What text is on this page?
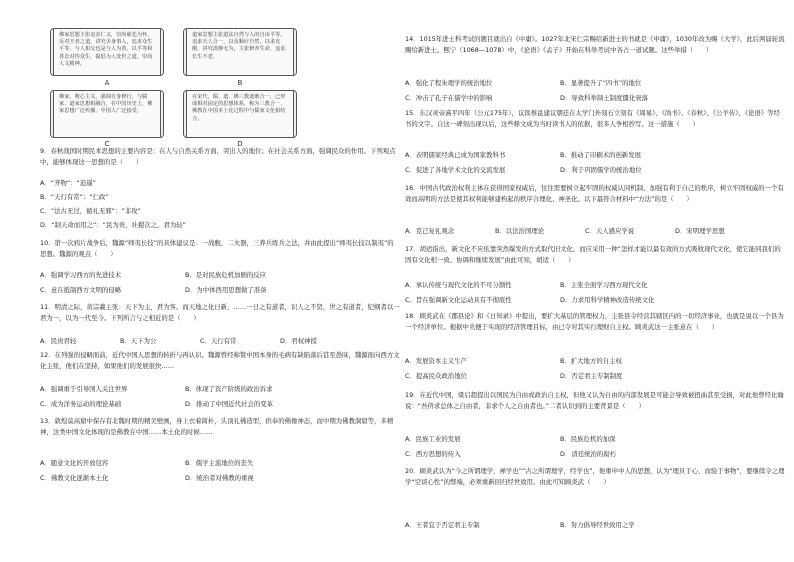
佛家思想主张追求仁义，崇尚慈悲为怀，反对王者之道，讲究舍身事人，追求众生平等，与人相交也是与人为善，以平等和善念对待众生，提倡为人处世之道，崇尚人文精神。
A
道家思想主张道法自然与人的自由平等，追求天人合一，以及顺应自然，以柔克刚，讲究清静无为，主张修养生命，追求长生不老。
B
佛家，唯心主义，强调自身修行，与儒家、道家思想相融合，在中国历史上，佛家思想广泛传播，中国人广泛接受。
C
在宋代，儒、道、佛三教逐渐合一，已形成相对固定的思想体系，称为三教合一，佛教在中国本土化过程中与儒家文化相结合。
D
9．春秋战国时期民本思想的主要内容是：在人与自然关系方面，突出人的地位；在社会关系方面，强调民众的作用。下列观点中，能够体现这一思想的是（　　）
A．“齐物”：“逍遥”
B．“天行有常”：“仁政”
C．“法古无过，循礼无邪”：“非攻”
D．“制天命而用之”：“民为贵，社稷次之，君为轻”
10．第一次鸦片战争后，魏源“师夷长技”的具体建议是：一战舰，二火器，三养兵练兵之法，并由此提出“师夷长技以制夷”的思想。魏源的观点（　　）
A．强调学习西方的先进技术	B．是对民族危机加剧的反应
C．意在抵制西方文明的侵略	D．为中体西用思想做了准备
11．明清之际，黄宗羲主张：天下为主，君为客。而天地之化日新，……一日之有道者，识人之不贤，世之有道者，纪纲者以一君为一，以为一代至今。下列所言与之相近的是（　　）
A．民贵君轻	B．天下为公	C．天行有常	D．君权神授
12．在列强的侵略面前，近代中国人思想的转折与再认识。魏源曾经称赞中国本身的毛病有缺陷落后甚至愚昧，魏源面向西方文化主张，他们在坚持，如果他们的发展很快……
A．强调重于引导国人关注世界	B．体现了资产阶级的政治诉求
C．成为洋务运动的理论基础	D．推动了中国近代社会的变革
13．敦煌莫高窟中保存有北魏时期的精美壁画，身上衣着简朴，头顶礼佛造型，供奉的佛像神态，而中期为佛教洞窟等，多精神，这类中国文化体现的是佛教在中国……本土化的时候……
A．随意文化的开放包容	B．儒学主流地位的丧失
C．佛教文化逐渐本土化	D．统治者对佛教的重视
14．1015年进士科考试的题目就出自《中庸》。1027年北宋仁宗赐给新进士的书就是《中庸》，1030年改为赐《大学》，此后两届轮流赐给新进士。熙宁（1068—1078）中，《论语》《孟子》开始在科举考试中各占一道试题。这些举措（　　）
A．强化了程朱理学的统治地位	B．显著提升了“四书”的地位
C．冲击了孔子在儒学中的影响	D．导致科举制士制度僵化衰落
15．东汉灵帝熹平四年（公元175年），议郎蔡邕建议朝廷在太学门外刻石立刻有《周易》、《尚书》、《春秋》、《公羊传》、《论语》等经书的文字。自这一碑刻出现以后，这些释文成为当时读书人的依据，很多人争相抄写。这一措施（　　）
A．表明儒家经典已成为国家教科书	B．推动了印刷术的创新发展
C．促进了各地学术文化的交流发展	D．利于巩固儒学的统治地位
16．中国古代政治权利主体在获得国家权威后，往往需要树立起牢固的权威认同机制，加强有利于自己的秩序，树立牢固权威的一个有效而高明的方法是使其权利能够建构起的秩序合理化、神圣化。以下最符合材料中“方法”的是（　　）
A．克己复礼观念	B．以法治国理论	C．天人感应学说	D．宋明理学思想
17．胡适指出，新文化不应依靠突然爆发的方式取代旧文化，而应采用一种“怎样才能以最有效的方式吸收现代文化，使它能同我们的固有文化相一致、协调和继续发展”由此可知，胡适（　　）
A．承认传统与现代文化的不可分割性	B．主张全面学习西方现代文化
C．旨在强调新文化运动具有不彻底性	D．力求用科学精神改造传统文化
18．顾炎武在《郡县论》和《日知录》中提出，要扩大基层的管理权力，主张县令经营其辖区内的一切经济事业，也就是说以一个县为一个经济单位。根据中央便于实现的经济管理目标，由已令对其实行理财自主权。顾炎武这一主张意在（　　）
A．发展资本主义生产	B．扩大地方的自主权
C．提高民众政治地位	D．否定君主专制制度
19．在近代中国，梁启超提出以国民为自由或政治自主权，但他又认为自由的内部发展是可能会导致被扭曲甚至受损，对此他曾经比喻说：“吾侪求总体之自由者，非求个人之自由者也。”二者认识到的主要背景是（　　）
A．民族工业的发展	B．民族危机的加深
C．西方思想的传入	D．清廷统治的腐朽
20．顾炎武认为“今之所谓理学，禅学也”“古之所谓理学，经学也”，他重申中人的思想，认为“理具于心，而验于事物”，要继续令之理学“空谈心性”的弊端，必须重新回归经世致用。由此可知顾炎武（　　）
A．王者宜于否定君主专制	B．努力倡导经世致用之学
